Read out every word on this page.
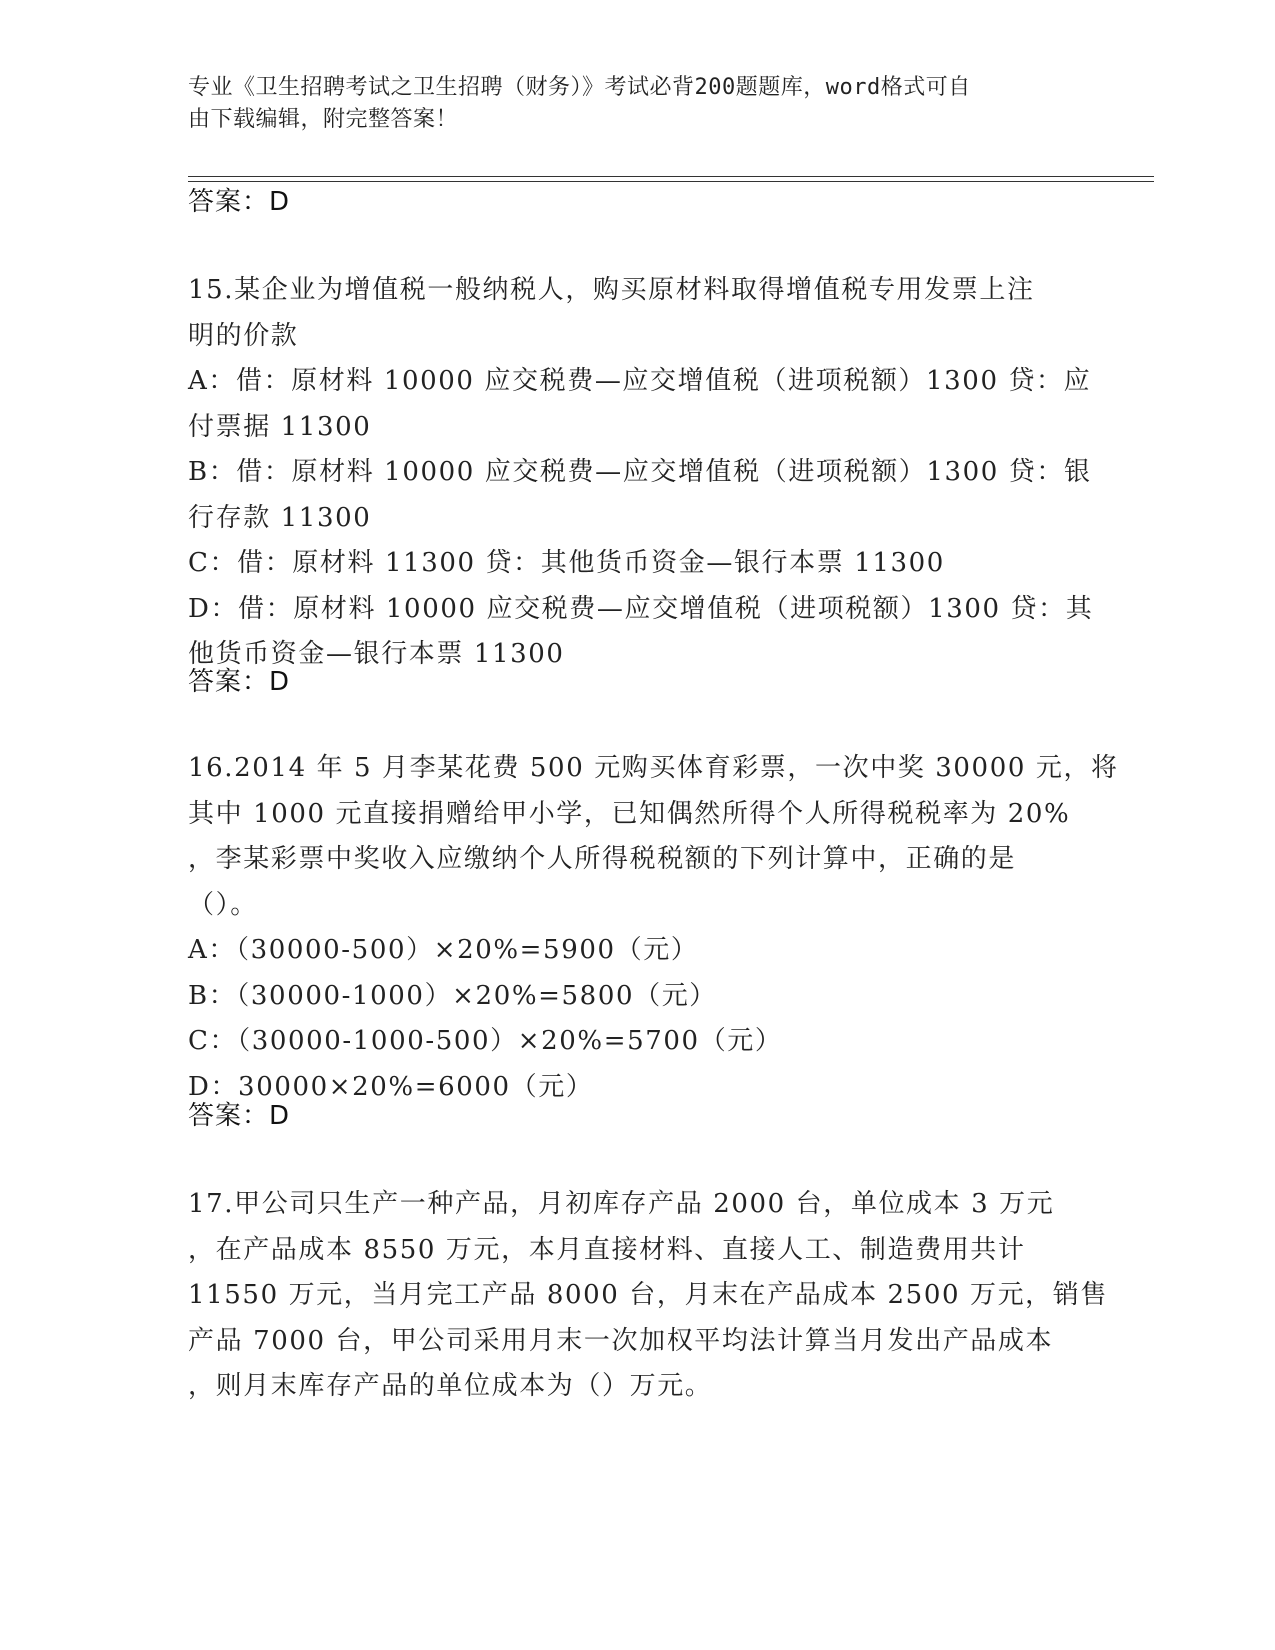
专业《卫生招聘考试之卫生招聘（财务）》考试必背200题题库，word格式可自
由下载编辑，附完整答案！
答案：D
15.某企业为增值税一般纳税人，购买原材料取得增值税专用发票上注
明的价款
A：借：原材料 10000 应交税费—应交增值税（进项税额）1300 贷：应
付票据 11300
B：借：原材料 10000 应交税费—应交增值税（进项税额）1300 贷：银
行存款 11300
C：借：原材料 11300 贷：其他货币资金—银行本票 11300
D：借：原材料 10000 应交税费—应交增值税（进项税额）1300 贷：其
他货币资金—银行本票 11300
答案：D
16.2014 年 5 月李某花费 500 元购买体育彩票，一次中奖 30000 元，将
其中 1000 元直接捐赠给甲小学，已知偶然所得个人所得税税率为 20%
，李某彩票中奖收入应缴纳个人所得税税额的下列计算中，正确的是
（）。
A：（30000-500）×20%=5900（元）
B：（30000-1000）×20%=5800（元）
C：（30000-1000-500）×20%=5700（元）
D：30000×20%=6000（元）
答案：D
17.甲公司只生产一种产品，月初库存产品 2000 台，单位成本 3 万元
，在产品成本 8550 万元，本月直接材料、直接人工、制造费用共计
11550 万元，当月完工产品 8000 台，月末在产品成本 2500 万元，销售
产品 7000 台，甲公司采用月末一次加权平均法计算当月发出产品成本
，则月末库存产品的单位成本为（）万元。
